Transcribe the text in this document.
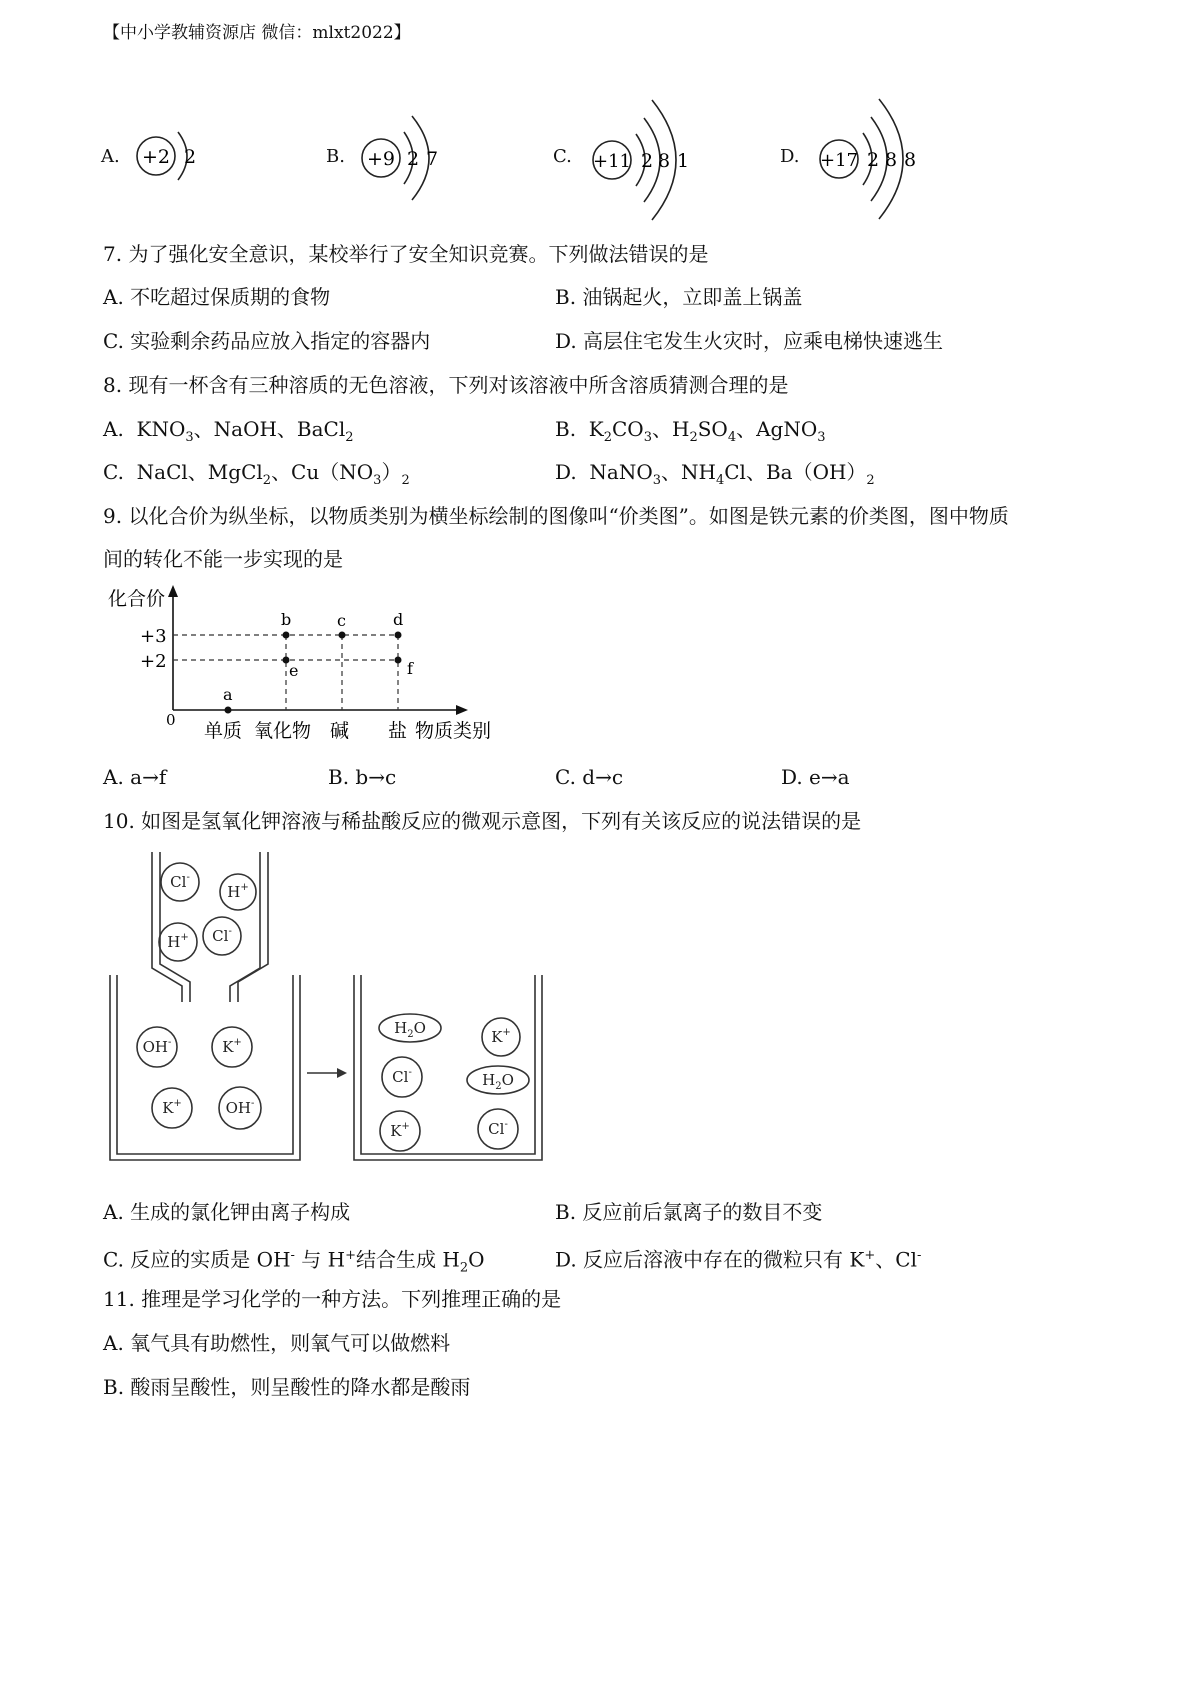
【中小学教辅资源店 微信：mlxt2022】
A.	B.	C.	D.
+2 2	+9 2 7	+11 2 8 1	+17 2 8 8
7. 为了强化安全意识，某校举行了安全知识竞赛。下列做法错误的是
A. 不吃超过保质期的食物	B. 油锅起火，立即盖上锅盖
C. 实验剩余药品应放入指定的容器内	D. 高层住宅发生火灾时，应乘电梯快速逃生
8. 现有一杯含有三种溶质的无色溶液，下列对该溶液中所含溶质猜测合理的是
A.  $KNO_3$、NaOH、BaCl$_2$	B.  $K_2CO_3$、$H_2SO_4$、AgNO$_3$
C.  NaCl、MgCl$_2$、$Cu(NO_3)_2$	D.  NaNO$_3$、$NH_4Cl$、$Ba(OH)_2$
9. 以化合价为纵坐标，以物质类别为横坐标绘制的图像叫“价类图”。如图是铁元素的价类图，图中物质
间的转化不能一步实现的是
化合价
+3
+2
0
a
b	c	d
e	f
单质 氧化物 碱 盐 物质类别
A. a→f	B. b→c	C. d→c	D. e→a
10. 如图是氢氧化钾溶液与稀盐酸反应的微观示意图，下列有关该反应的说法错误的是
Cl-
H+
H+ Cl-
OH-	K+
K+	OH-
$H_2O$	K+
Cl-	$H_2O$
K+	Cl-
A. 生成的氯化钾由离子构成	B. 反应前后氯离子的数目不变
C. 反应的实质是 OH- 与 H+结合生成 $H_2O$	D. 反应后溶液中存在的微粒只有 K+、Cl-
11. 推理是学习化学的一种方法。下列推理正确的是
A. 氧气具有助燃性，则氧气可以做燃料
B. 酸雨呈酸性，则呈酸性的降水都是酸雨
